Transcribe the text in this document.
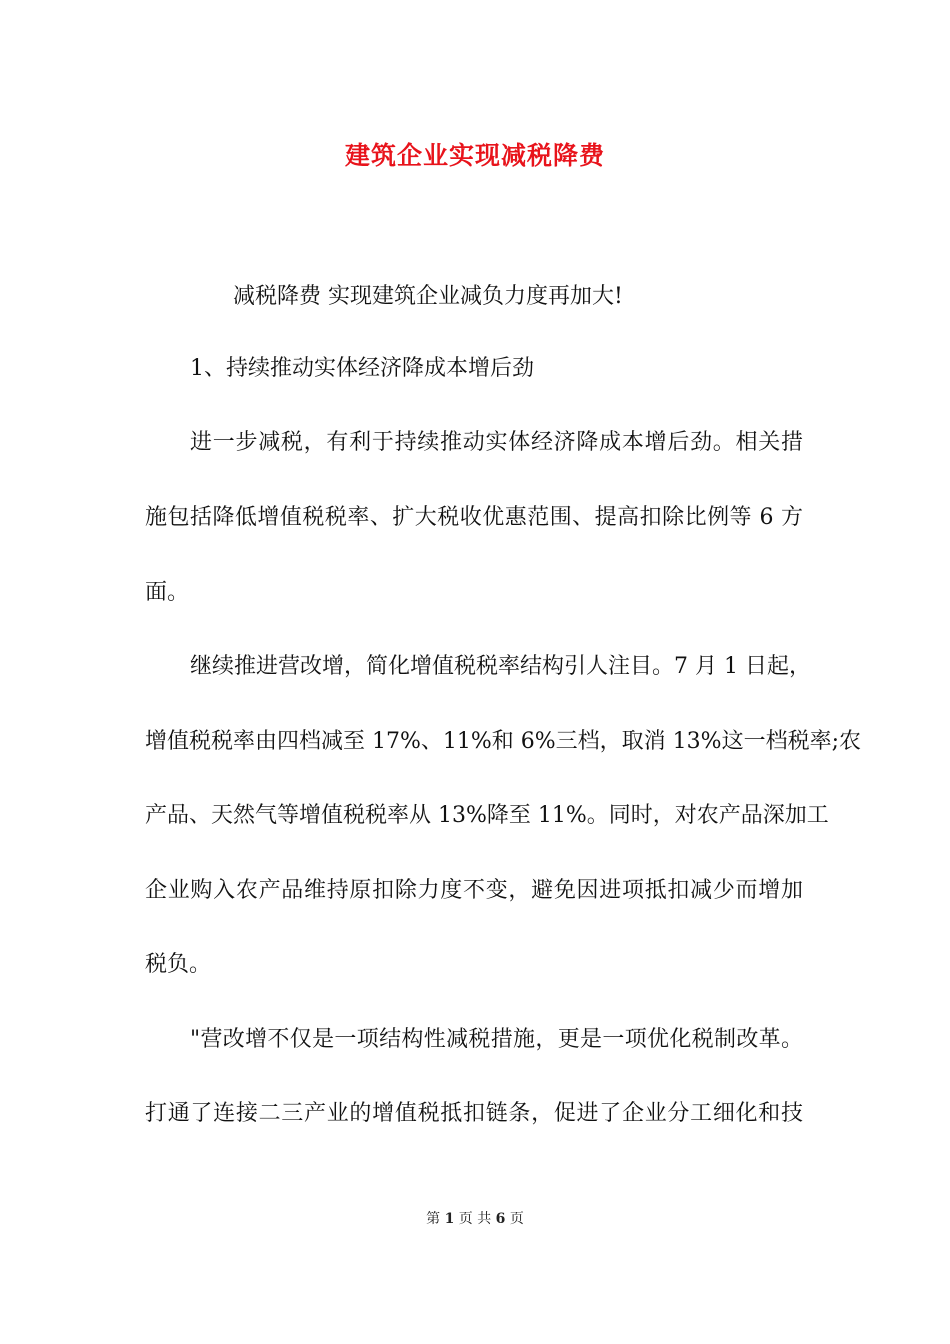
建筑企业实现减税降费
减税降费 实现建筑企业减负力度再加大!
1、持续推动实体经济降成本增后劲
进一步减税，有利于持续推动实体经济降成本增后劲。相关措
施包括降低增值税税率、扩大税收优惠范围、提高扣除比例等 6 方
面。
继续推进营改增，简化增值税税率结构引人注目。7 月 1 日起，
增值税税率由四档减至 17%、11%和 6%三档，取消 13%这一档税率;农
产品、天然气等增值税税率从 13%降至 11%。同时，对农产品深加工
企业购入农产品维持原扣除力度不变，避免因进项抵扣减少而增加
税负。
"营改增不仅是一项结构性减税措施，更是一项优化税制改革。
打通了连接二三产业的增值税抵扣链条，促进了企业分工细化和技
第 1 页 共 6 页
